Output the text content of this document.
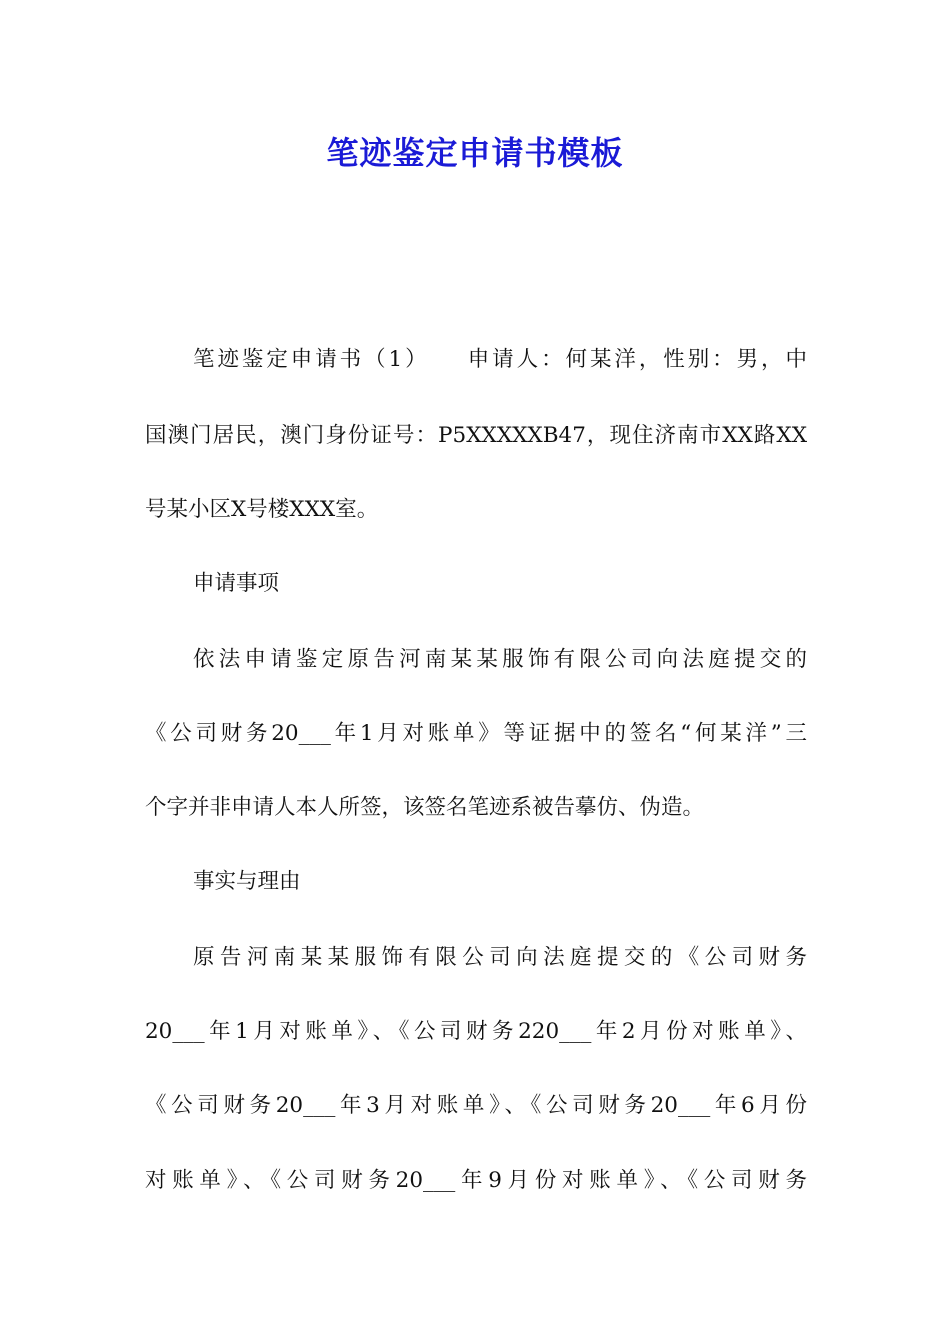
笔迹鉴定申请书模板
笔迹鉴定申请书（1）　　申请人：何某洋，性别：男，中
国澳门居民，澳门身份证号：P5XXXXXB47，现住济南市XX路XX
号某小区X号楼XXX室。
申请事项
依法申请鉴定原告河南某某服饰有限公司向法庭提交的
《公司财务20___年1月对账单》等证据中的签名“何某洋”三
个字并非申请人本人所签，该签名笔迹系被告摹仿、伪造。
事实与理由
原告河南某某服饰有限公司向法庭提交的《公司财务
20___年1月对账单》、《公司财务220___年2月份对账单》、
《公司财务20___年3月对账单》、《公司财务20___年6月份
对账单》、《公司财务20___年9月份对账单》、《公司财务
